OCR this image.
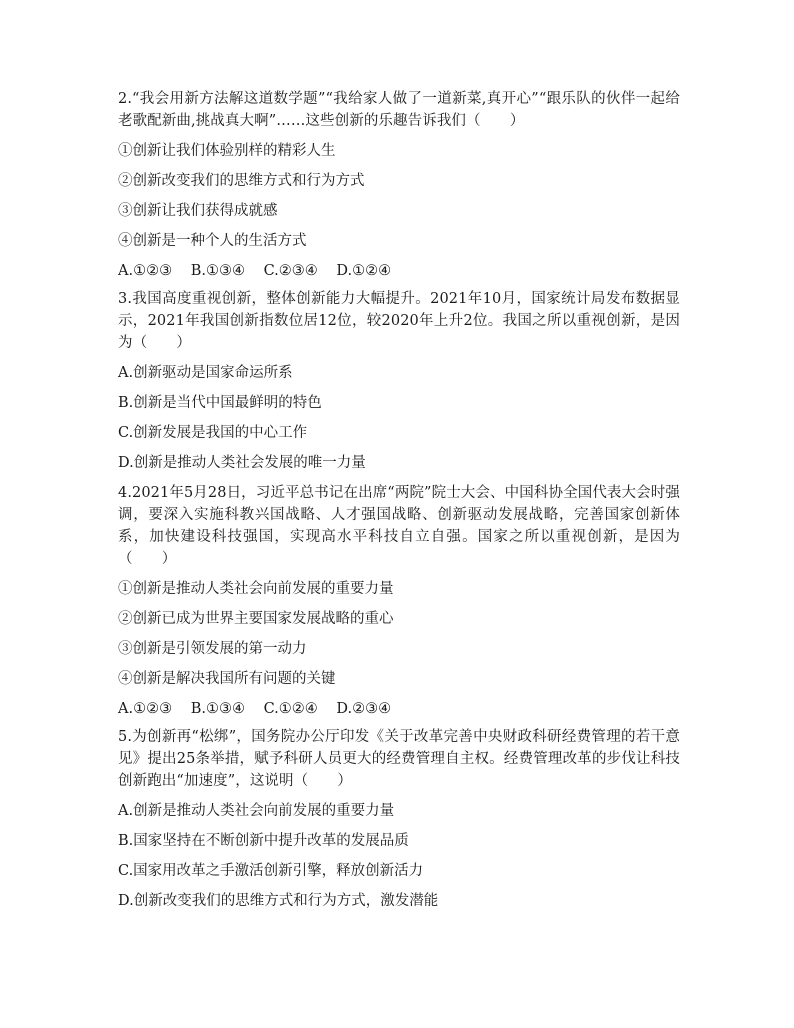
2.“我会用新方法解这道数学题”“我给家人做了一道新菜,真开心”“跟乐队的伙伴一起给老歌配新曲,挑战真大啊”……这些创新的乐趣告诉我们（　　）

①创新让我们体验别样的精彩人生

②创新改变我们的思维方式和行为方式

③创新让我们获得成就感

④创新是一种个人的生活方式

A.①②③ B.①③④ C.②③④ D.①②④

3.我国高度重视创新，整体创新能力大幅提升。2021年10月，国家统计局发布数据显示，2021年我国创新指数位居12位，较2020年上升2位。我国之所以重视创新，是因为（　　）

A.创新驱动是国家命运所系

B.创新是当代中国最鲜明的特色

C.创新发展是我国的中心工作

D.创新是推动人类社会发展的唯一力量

4.2021年5月28日，习近平总书记在出席“两院”院士大会、中国科协全国代表大会时强调，要深入实施科教兴国战略、人才强国战略、创新驱动发展战略，完善国家创新体系，加快建设科技强国，实现高水平科技自立自强。国家之所以重视创新，是因为（　　）

①创新是推动人类社会向前发展的重要力量

②创新已成为世界主要国家发展战略的重心

③创新是引领发展的第一动力

④创新是解决我国所有问题的关键

A.①②③ B.①③④ C.①②④ D.②③④

5.为创新再“松绑”，国务院办公厅印发《关于改革完善中央财政科研经费管理的若干意见》提出25条举措，赋予科研人员更大的经费管理自主权。经费管理改革的步伐让科技创新跑出“加速度”，这说明（　　）

A.创新是推动人类社会向前发展的重要力量

B.国家坚持在不断创新中提升改革的发展品质

C.国家用改革之手激活创新引擎，释放创新活力

D.创新改变我们的思维方式和行为方式，激发潜能
